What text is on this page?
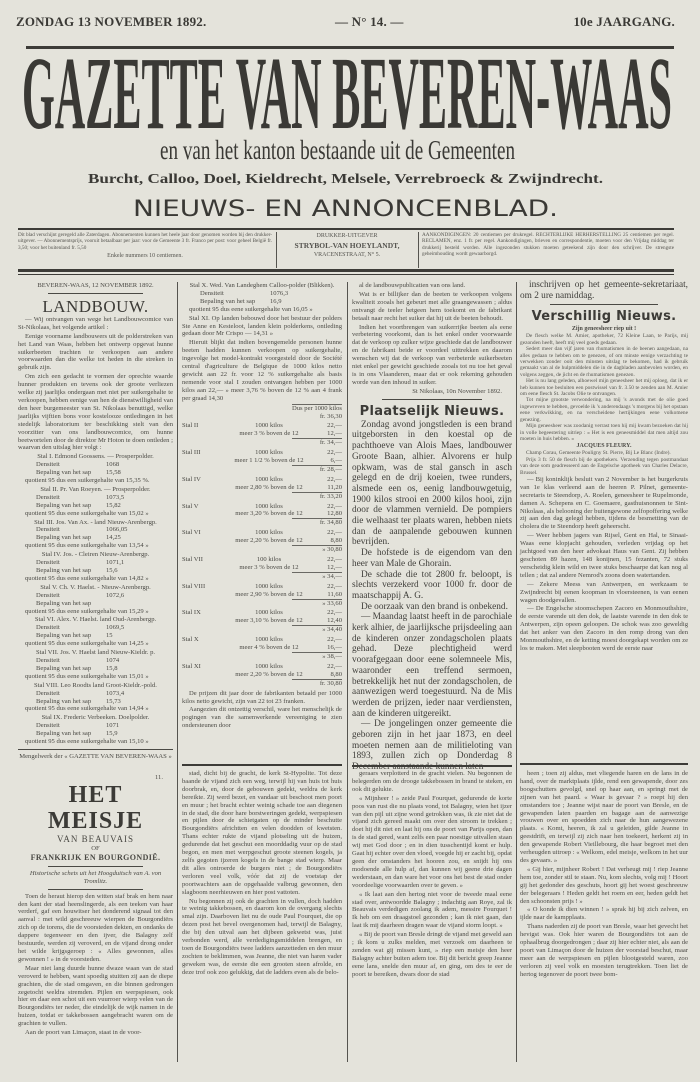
ZONDAG 13 NOVEMBER 1892.	— N° 14. —	10e JAARGANG.
GAZETTE VAN BEVEREN-WAAS
en van het kanton bestaande uit de Gemeenten
Burcht, Calloo, Doel, Kieldrecht, Melsele, Verrebroeck & Zwijndrecht.
NIEUWS- EN ANNONCENBLAD.
Dit blad verschijnt geregeld alle Zaterdagen. Abonnementen kunnen het heele jaar door genomen worden bij den drukker-uitgever. — Abonnementsprijs, vooruit betaalbaar per jaar: voor de Gemeente 3 fr. Franco per post: voor geheel België fr. 3,50; voor het buitenland fr. 5,50
Enkele nummers 10 centiemen.
DRUKKER-UITGEVER
STRYBOL-VAN HOEYLANDT,
VRACENESTRAAT, N° 5.
AANKONDIGINGEN: 20 centiemen per drukregel. RECHTERLIJKE HERHERSTELLING 25 centiemen per regel. RECLAMEN, enz. 1 fr. per regel. Aankondigingen, brieven en correspondentie, moeten voor den Vrijdag middag ter drukkerij besteld worden. Alle ingezonden stukken moeten geteekend zijn door den schrijver. De strengste geheimhouding wordt gewaarborgd.
BEVEREN-WAAS, 12 NOVEMBER 1892.
LANDBOUW.
— Wij ontvangen van wege het Landbouwcomice van St-Nikolaas, het volgende artikel :
Eenige voorname landbouwers uit de polderstreken van het Land van Waas, hebben het ontwerp opgevat hunne suikerbeeten trachten te verkoopen aan andere voorwaarden dan die welke tot heden in die streken in gebruik zijn.
Om zich een gedacht te vormen der oprechte waarde hunner produkten en tevens ook der groote verliezen welke zij jaarlijks ondergaan met niet per suikergehalte te verkoopen, hebben eenige van hen de dienstwilligheid van den heer burgemeester van St. Nikolaas benuttigd, welke jaarlijks vijftien bons voor kostelooze ontledingen in het stedelijk laboratorium ter beschikking stelt van den voorzitter van ons landbouwcomice, om hunne beetwortelen door de direktor Mr Hoton te doen ontleden ; waarvan den uitslag hier volgt :
Stal I. Edmond Goossens. — Prosperpolder.
Densiteit	1068
Bepaling van het sap	15,58
quotient 95 dus een suikergehalte van 15,35 %.
Stal II. Pr. Van Roeyen. — Prosperpolder.
Densiteit	1073,5
Bepaling van het sap	15,82
quotient 95 dus eene suikergehalte van 15,02 »
Stal III. Jos. Van Ax. - land Nieuw-Arenbergp.
Densiteit	1066,05
Bepaling van het sap	14,25
quotient 95 dus eene suikergehalte van 13,54 »
Stal IV. Jos. - Cleiren Nieuw-Arenbergp.
Densiteit	1071,1
Bepaling van het sap	15,6
quotient 95 dus eene suikergehalte van 14,82 »
Stal V. Ch. V. Haelst. - Nieuw-Arenbergp.
Densiteit	1072,6
Bepaling van het sap
quotient 95 dus eene suikergehalte van 15,29 »
Stal VI. Alex. V. Haelst. land Oud-Arenbergp.
Densiteit	1069,5
Bepaling van het sap	15
quotient 95 dus eene suikergehalte van 14,25 »
Stal VII. Jos. V. Haelst land Nieuw-Kieldr. p.
Densiteit	1074
Bepaling van het sap	15,8
quotient 95 dus eene suikergehalte van 15,01 »
Stal VIII. Leo Roodts land Groot-Kieldr.-pold.
Densiteit	1073,4
Bepaling van het sap	15,73
quotient 95 dus eene suikergehalte van 14,94 »
Stal IX. Frederic Verbeeken. Doelpolder.
Densiteit	1071
Bepaling van het sap	15,9
quotient 95 dus eene suikergehalte van 15,10 »
Mengelwerk der « GAZETTE VAN BEVEREN-WAAS »
11.
HET MEISJE
VAN BEAUVAIS
OF
FRANKRIJK EN BOURGONDIË.
Historische schets uit het Hoogduitsch van A. von Tromlitz.
Toen de heraut hierop den witten staf brak en hem naar den kant der stad heenslingerde, als een teeken van haar verderf, gaf een houwitser het donderend signaal tot den aanval : met wild geschreeuw wierpen de Bourgondiërs zich op de torens, die de voorsteden dekten, en ondanks de dappere tegenweer en den ijver, die Balagny zelf bestuurde, werden zij veroverd, en de vijand drong onder het wilde krijgsgeroep : « Alles gewonnen, alles gewonnen ! » in de voorsteden.
Maar niet lang duurde hunne dwaze waan van de stad veroverd te hebben, want spoedig stuitten zij aan de diepe grachten, die de stad omgaven, en die binnen gedrongen zegetocht weldra stremden. Pijlen en werpspiesen, ook hier en daar een schot uit een vuurroer wierp velen van de Bourgondiërs ter neder, die eindelijk de wijk namen in de huizen, totdat er takkebossen aangebracht waren om de grachten te vullen.
Aan de poort van Limaçon, staat in de voor-
Stal X. Wed. Van Landeghem Calloo-polder (Blikken).
Densiteit	1076,3
Bepaling van het sap	16,9
quotient 95 dus eene suikergehalte van 16,05 »
Stal XI. Op landen bebouwd door het bestuur der polders Ste Anne en Kesteloot, landen klein polderkens, ontleding gedaan door Mr Crispo — 14,31 »
Hieruit blijkt dat indien bovengemelde personen hunne beeten hadden kunnen verkoopen op suikergehalte, ingevolge het model-kontrakt voorgesteld door de Société central d'agriculture de Belgique de 1000 kilos netto gewicht aan 22 fr. voor 12 % suikergehalte als basis nemende voor stal I zouden ontvangen hebben per 1000 kilos aan 22,— » meer 3,76 % boven de 12 % aan 4 frank per graad 14,30
Dus per 1000 kilos fr. 36,30
Stal II	1000 kilos	22,—
meer 3 % boven de 12	12,—
fr. 34,—
Stal III	1000 kilos	22,—
meer 1 1/2 % boven de 12	6,—
fr. 28,—
Stal IV	1000 kilos	22,—
meer 2,80 % boven de 12	11,20
fr. 33,20
Stal V	1000 kilos	22,—
meer 3,20 % boven de 12	12,80
fr. 34,80
Stal VI	1000 kilos	22,—
meer 2,20 % boven de 12	8,80
» 30,80
Stal VII	100 kilos	22,—
meer 3 % boven de 12	12,—
» 34,—
Stal VIII	1000 kilos	22,—
meer 2,90 % boven de 12	11,60
» 33,60
Stal IX	1000 kilos	22,—
meer 3,10 % boven de 12	12,40
» 34,40
Stal X	1000 kilos	22,—
meer 4 % boven de 12	16,—
» 38,—
Stal XI	1000 kilos	22,—
meer 2,20 % boven de 12	8,80
fr. 30,80
De prijzen dit jaar door de fabrikanten betaald per 1000 kilos netto gewicht, zijn van 22 tot 23 franken.
Aangezien dit ontzettig verschil, ware het menschelijk de pogingen van die samenwerkende vereeniging te zien ondersteunen door
stad, dicht bij de gracht, de kerk St-Hypolite. Tot deze baande de vijand zich een weg, terwijl hij van huis tot huis doorbrak, en, door de gebouwen gedekt, weldra de kerk bereikte. Zij werd bezet, en vandaar uit beschoot men poort en muur ; het bracht echter weinig schade toe aan diegenen in de stad, die door hare borstweringen gedekt, werpspiesen en pijlen door de schietgaten op de minder beschutte Bourgondiërs africhtten en velen doodden of kwetsten. Thans echter rukte de vijand plotseling uit de huizen, gedurende dat het geschut een moorddadig vuur op de stad begon, en men met werpgeschut groote steenen kogels, ja zelfs gegoten ijzeren kogels in de bange stad wierp. Maar dit alles ontroerde de burgers niet ; de Bourgondiërs verloren veel volk, vóór dat zij de voetstap der poortwachters aan de opgehaalde valbrug gewonnen, den slagboom neerhieuwen en hier post vattoten.
Nu begonnen zij ook de grachten in vullen, doch hadden te weinig takkebossen, en daarom kon de overgang slechts smal zijn. Daarboven liet nu de oude Paul Fourquet, die op dezen post het bevel overgenomen had, terwijl de Balagny, die bij den uitval aan het dijbeen gekwetst was, juist verbonden werd, alle verdedigingsmiddelen brengen, en toen de Bourgondiërs twee ladders aanzetteden en den muur zochten te beklimmen, was Jeanne, die niet van haren vader geweken was, de eerste die een grooten steen afrolde, en deze trof ook zoo gelukkig, dat de ladders even als de belo-
al de landbouwpublicatien van ons land.
Wat is er billijker dan de beeten te verkoopen volgens kwaliteit zooals het gebeurt met alle graangewassen ; aldus ontvangt de teeler hetgeen hem toekomt en de fabrikant betaalt naar recht het suiker dat hij uit de beeten behoudt.
Indien het voortbrengen van suikerrijke beeten als eene verbetering voorkomt, dan is het enkel onder voorwaarde dat de verkoop op zulker wijze geschiede dat de landbouwer en de fabrikant beide er voordeel uittrekken en daarom wenschen wij dat de verkoop van verbeterde suikerbeeten niet enkel per gewicht geschiede zooals tot nu toe het geval is in ons Vlaanderen, maar dat er ook rekening gehouden worde van den inhoud in suiker.
St Nikolaas, 10n November 1892.
Plaatselijk Nieuws.
Zondag avond jongstleden is een brand uitgeborsten in den koestal op de pachthoeve van Alois Maes, landbouwer Groote Baan, alhier. Alvorens er hulp opkwam, was de stal gansch in asch gelegd en de drij koeien, twee runders, alsmede een os, eenig landbouwgetuig, 1900 kilos strooi en 2000 kilos hooi, zijn door de vlammen vernield. De pompiers die welhaast ter plaats waren, hebben niets dan de aanpalende gebouwen kunnen bevrijden.
De hofstede is de eigendom van den heer van Male de Ghorain.
De schade die tot 2800 fr. beloopt, is slechts verzekerd voor 1000 fr. door de maatschappij A. G.
De oorzaak van den brand is onbekend.
— Maandag laatst heeft in de parochiale kerk alhier, de jaarlijksche prijsdeeling aan de kinderen onzer zondagscholen plaats gehad. Deze plechtigheid werd voorafgegaan door eene solemneele Mis, waaronder een treffend sermoen, betrekkelijk het nut der zondagscholen, de aanwezigen werd toegestuurd. Na de Mis werden de prijzen, ieder naar verdiensten, aan de kinderen uitgereikt.
— De jongelingen onzer gemeente die geboren zijn in het jaar 1873, en deel moeten nemen aan de militieloting van 1893, zullen zich op Donderdag 8 December aanstaande kunnen laten
geraars verplotterd in de gracht vielen. Nu begonnen de belegerden om de drooge takkebossen in brand te steken, en ook dit gelukte.
« Mijnheer ! » zeide Paul Fourquet, gedurende de korte poos van rust die nu plaats vond, tot Balagny, wien het ijzer van den pijl uit zijne wond getrokken was, ik zie niet dat de vijand zich gereed maakt om over den stroom te trekken ; doet hij dit niet en laat hij ons de poort van Parijs open, dan is de stad gered, want zelfs een paar noestige uitvallen staan wij met God door ; en in dien tusschentijd komt er hulp. Gaat hij echter over den vloed, voegde hij er zacht bij, opdat geen der omstanders het hooren zou, en snijdt hij ons modoende alle hulp af, dan kunnen wij geene drie dagen wederstaan, en dan ware het voor ons het best de stad onder voordeelige voorwaarden over te geven. »
« Ik laat aan den hertog niet voor de tweede maal eene stad over, antwoordde Balagny ; indachtig aan Roye, zal ik Beauvais verdedigen zoolang ik adem, messire Fourquet ! Ik heb om een draagstoel gezonden ; kan ik niet gaan, dan laat ik mij daarheen dragen waar de vijand storm loopt. »
« Bij de poort van Bresle dringt de vijand met geweld aan ; ik kom u zulks melden, met verzoek om daarheen te zenden wat gij missen kunt, » riep een meisje den heer Balagny achter buiten adem toe. Bij dit bericht greep Jeanne eene lans, snelde den muur af, en ging, om des te eer de poort te bereiken, dwars door de stad
inschrijven op het gemeente-sekretariaat, om 2 ure namiddag.
Verschillig Nieuws.
Zijn geneesheer riep uit !
De flesch welke M. Amier, apotheker, 72 Kleine Laan, te Parijs, mij gezonden heeft, heeft mij veel goeds gedaan.
Sedert meer dan vijf jaren van rhumatismen in de beenen aangedaan, na alles gedaan te hebben om te genezen, of om minste eenige verzachting te verwekken zonder ooit den minsten uitslag te bekomen, had ik gebruik gemaakt van al de hulpmiddelen die in de dagbladen aanbevolen worden, en volgens zeggen, de jicht en de rhumatismen genezen.
Het is nu lang geleden, alhoewel mijn geneesheer het mij oploeg, dat ik er heb kunnen toe besluiten een postwissel van fr. 3.50 te zenden aan M. Amier om eene flesch St. Jacobs Olie te ontvangen.
Tot mijne grootste verwondering, na mij 's avonds met de olie goed ingewreven te hebben, gevoelde ik 's anderendaags 's morgens bij het opstaan eene verkwikking, en na verscheidene hertijkingen eene volkomene genezing.
Mijn geneesheer was zoodanig verrast toen hij mij kwam bezoeken dat hij in volle begeestering uitriep : « Het is een geneesmiddel dat men altijd zou moeten in huis hebben. »
JACQUES FLEURY.
Champ Corau, Gemeente Pouligny St. Pierre, Bij Le Blanc (Indre).
Prijs 3 fr. 50 de flesch bij de apothekers. Verzending tegen postmandaat van deze som geadresseerd aan de Engelsche apotheek van Charles Delacre, Brussel.
— Bij koninklijk besluit van 2 November is het burgerkruis van 1e klas verleend aan de heeren P. Pilnet, gemeente-secretaris te Steendorp, A. Roelen, geneesheer te Rupelmonde, damen A. Schepens en C. Goemaere, gasthuisnonnen te Sint-Nikolaas, als belooning der buitengewone zelfopoffering welke zij aan den dag gelegd hebben, tijdens de besmetting van de cholera die te Steendorp heeft geheerscht.
— Weer hebben jagers van Rijsel, Gent en Hal, te Sinaai-Waas eene klopjacht gehouden, verleden vrijdag op het jachtgoed van den heer advokaat Haus van Gent. Zij hebben geschoten 89 hazen, 148 konijnen, 15 fezanten, 72 stuks verscheidig klein wild en twee stuks beschaarpe dat kan nog al tellen ; dat zal andere Nemrod's zoons doen watertanden.
— Zekere Meess van Antwerpen, en werkzaam te Zwijndrecht bij eenen koopman in vloersteenen, is van eenen wagen doodgevallen.
— De Engelsche stoomschepen Zacoro en Monmouthshire, de eerste varende uit den dok, de laatste varende in den dok te Antwerpen, zijn opeen geloopen. De schok was zoo geweldig dat het anker van den Zacoro in den romp drong van den Monmouthshire, en de ketting moest doorgekapt worden om ze los te maken. Met sleepbooten werd de eerste naar
heen ; toen zij aldus, met vliegende haren en de lans in de hand, over de marktplaats ijlde, rend een gewapende, door zes boogschutters gevolgd, snel op haar aan, en springt met de zijnen van het paard. « Waar is gevaar ? » roept hij den omstanders toe ; Jeanne wijst naar de poort van Bresle, en de gewapenden laten paarden en bagage aan de aanwezige vrouwen over en spoedden zich naar de hun aangewezene plaats. « Komt, heeren, ik zal u geleiden, gilde Jeanne in geestdrift, en terwijl zij zich naar hen toekeert, herkent zij in den gewapende Robert Vieillebourg, die haar begroet met den verheugden uitroep : « Welkom, edel meisje, welkom in het uur des gevaars. »
« Gij hier, mijnheer Robert ! Dat verheugt mij ! riep Jeanne hem toe, zonder stil te staan. Nu, kom slechts, volg mij ! Hoort gij het gedonder des geschuts, hoort gij het woest geschreeuw der belegeraars ! Heden geldt het roem en eer, heden geldt het den schoonsten prijs ! »
« O konde ik dien winnen ! » sprak hij bij zich zelven, en ijlde naar de kampplaats.
Thans naderden zij de poort van Bresle, waar het gevecht het hevigst was. Ook hier waren de Bourgondiërs tot aan de ophaalbrug doorgedrongen ; daar zij hier echter niet, als aan de poort van Limaçon door de huizen der voorstad beschut, maar meer aan de werpspiesen en pijlen blootgesteld waren, zoo verloren zij veel volk en moesten terugtrekken. Toen liet de hertog tegenover de poort twee bom-
